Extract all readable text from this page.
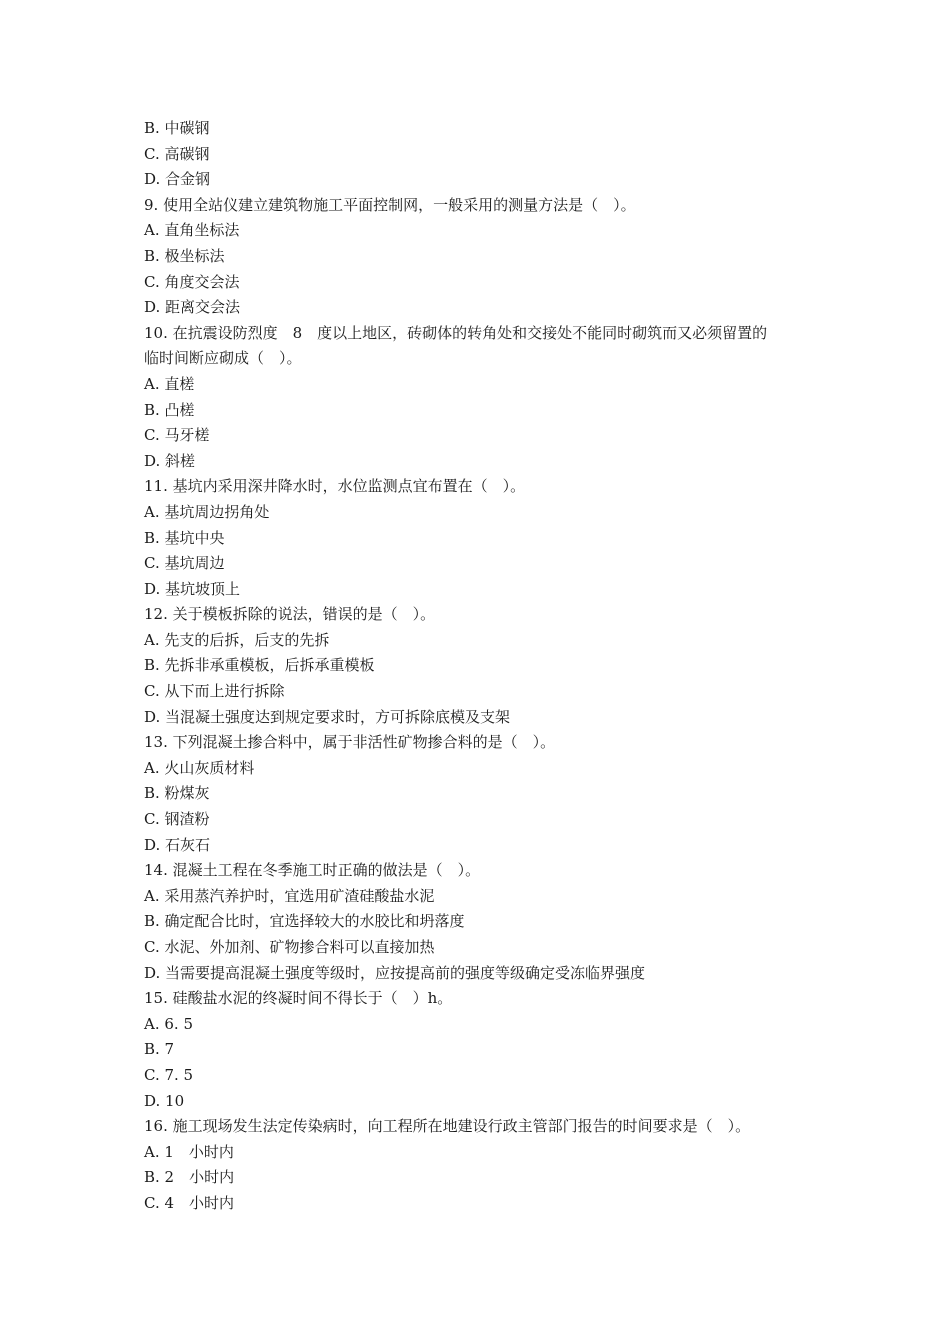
B. 中碳钢
C. 高碳钢
D. 合金钢
9. 使用全站仪建立建筑物施工平面控制网，一般采用的测量方法是（　）。
A. 直角坐标法
B. 极坐标法
C. 角度交会法
D. 距离交会法
10. 在抗震设防烈度　8　度以上地区，砖砌体的转角处和交接处不能同时砌筑而又必须留置的
临时间断应砌成（　）。
A. 直槎
B. 凸槎
C. 马牙槎
D. 斜槎
11. 基坑内采用深井降水时，水位监测点宜布置在（　）。
A. 基坑周边拐角处
B. 基坑中央
C. 基坑周边
D. 基坑坡顶上
12. 关于模板拆除的说法，错误的是（　）。
A. 先支的后拆，后支的先拆
B. 先拆非承重模板，后拆承重模板
C. 从下而上进行拆除
D. 当混凝土强度达到规定要求时，方可拆除底模及支架
13. 下列混凝土掺合料中，属于非活性矿物掺合料的是（　）。
A. 火山灰质材料
B. 粉煤灰
C. 钢渣粉
D. 石灰石
14. 混凝土工程在冬季施工时正确的做法是（　）。
A. 采用蒸汽养护时，宜选用矿渣硅酸盐水泥
B. 确定配合比时，宜选择较大的水胶比和坍落度
C. 水泥、外加剂、矿物掺合料可以直接加热
D. 当需要提高混凝土强度等级时，应按提高前的强度等级确定受冻临界强度
15. 硅酸盐水泥的终凝时间不得长于（　）h。
A. 6. 5
B. 7
C. 7. 5
D. 10
16. 施工现场发生法定传染病时，向工程所在地建设行政主管部门报告的时间要求是（　）。
A. 1　小时内
B. 2　小时内
C. 4　小时内
